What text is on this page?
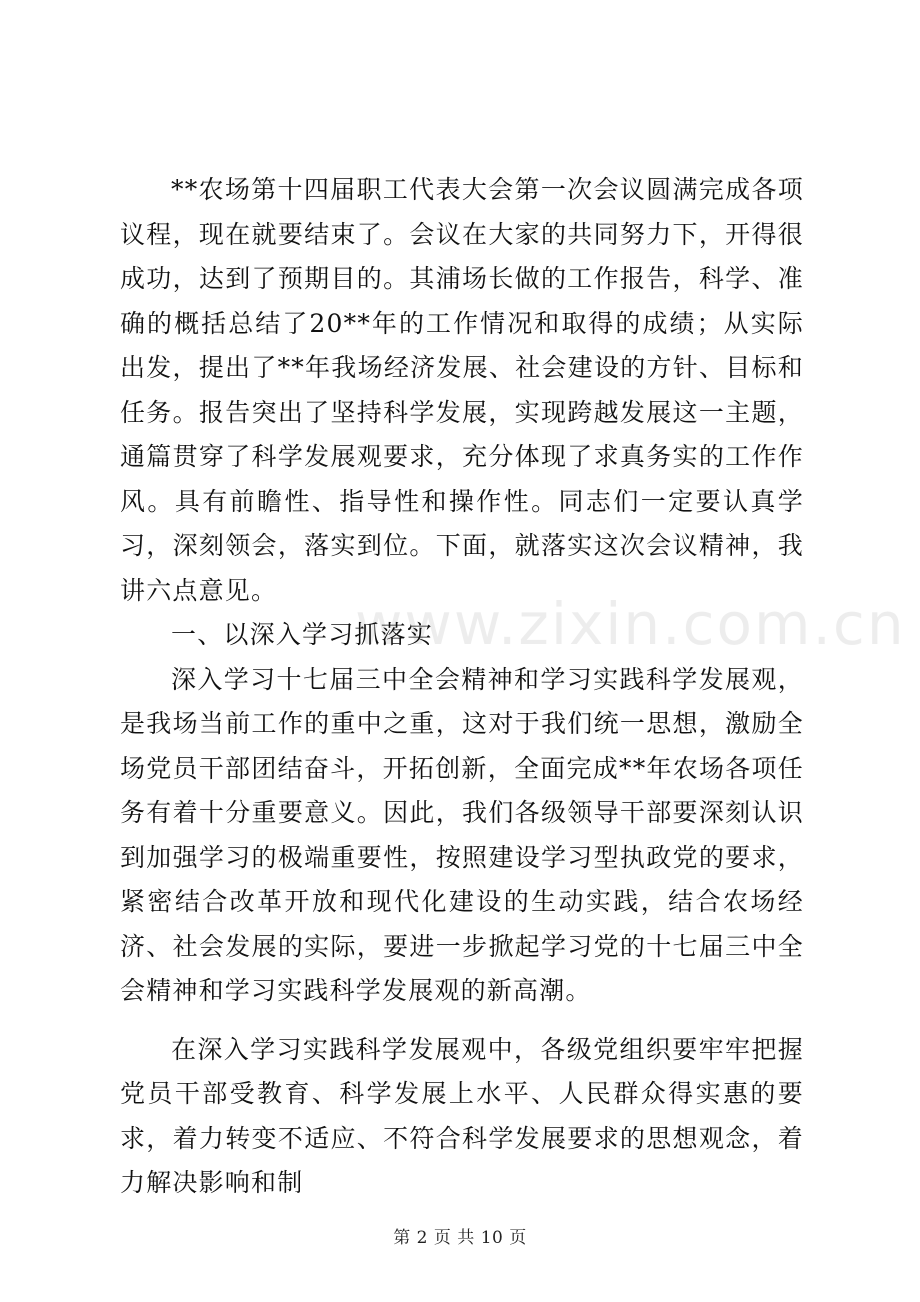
**农场第十四届职工代表大会第一次会议圆满完成各项议程，现在就要结束了。会议在大家的共同努力下，开得很成功，达到了预期目的。其浦场长做的工作报告，科学、准确的概括总结了20**年的工作情况和取得的成绩；从实际出发，提出了**年我场经济发展、社会建设的方针、目标和任务。报告突出了坚持科学发展，实现跨越发展这一主题，通篇贯穿了科学发展观要求，充分体现了求真务实的工作作风。具有前瞻性、指导性和操作性。同志们一定要认真学习，深刻领会，落实到位。下面，就落实这次会议精神，我讲六点意见。

一、以深入学习抓落实

深入学习十七届三中全会精神和学习实践科学发展观，是我场当前工作的重中之重，这对于我们统一思想，激励全场党员干部团结奋斗，开拓创新，全面完成**年农场各项任务有着十分重要意义。因此，我们各级领导干部要深刻认识到加强学习的极端重要性，按照建设学习型执政党的要求，紧密结合改革开放和现代化建设的生动实践，结合农场经济、社会发展的实际，要进一步掀起学习党的十七届三中全会精神和学习实践科学发展观的新高潮。

在深入学习实践科学发展观中，各级党组织要牢牢把握党员干部受教育、科学发展上水平、人民群众得实惠的要求，着力转变不适应、不符合科学发展要求的思想观念，着力解决影响和制

www.zixin.com.cn
第 2 页 共 10 页
